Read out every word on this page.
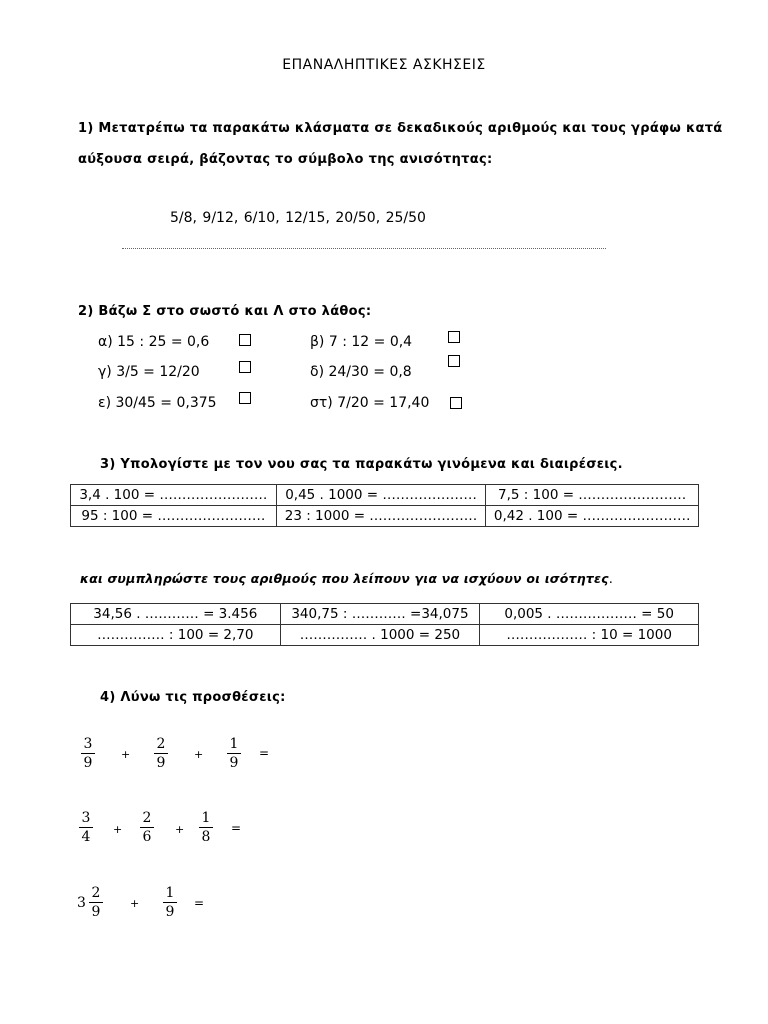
ΕΠΑΝΑΛΗΠΤΙΚΕΣ ΑΣΚΗΣΕΙΣ
1) Μετατρέπω τα παρακάτω κλάσματα σε δεκαδικούς αριθμούς και τους γράφω κατά
αύξουσα σειρά, βάζοντας το σύμβολο της ανισότητας:
5/8, 9/12, 6/10, 12/15, 20/50, 25/50
2) Βάζω Σ στο σωστό και Λ στο λάθος:
α) 15 : 25 = 0,6	β) 7 : 12 = 0,4
γ) 3/5 = 12/20	δ) 24/30 = 0,8
ε) 30/45 = 0,375	στ) 7/20 = 17,40
3) Υπολογίστε με τον νου σας τα παρακάτω γινόμενα και διαιρέσεις.
3,4 . 100 = ……………………	0,45 . 1000 = …………………	7,5 : 100 = ……………………
95 : 100 = ……………………	23 : 1000 = ……………………	0,42 . 100 = ……………………
και συμπληρώστε τους αριθμούς που λείπουν για να ισχύουν οι ισότητες.
34,56 . ………… = 3.456	340,75 : ………… =34,075	0,005 . ……………… = 50
…………… : 100 = 2,70	…………… . 1000 = 250	……………… : 10 = 1000
4) Λύνω τις προσθέσεις:
3
9
+
2
9
+
1
9
=
3
4 +
2
6 +
1
8
=
3
2
9
+
1
9
=
